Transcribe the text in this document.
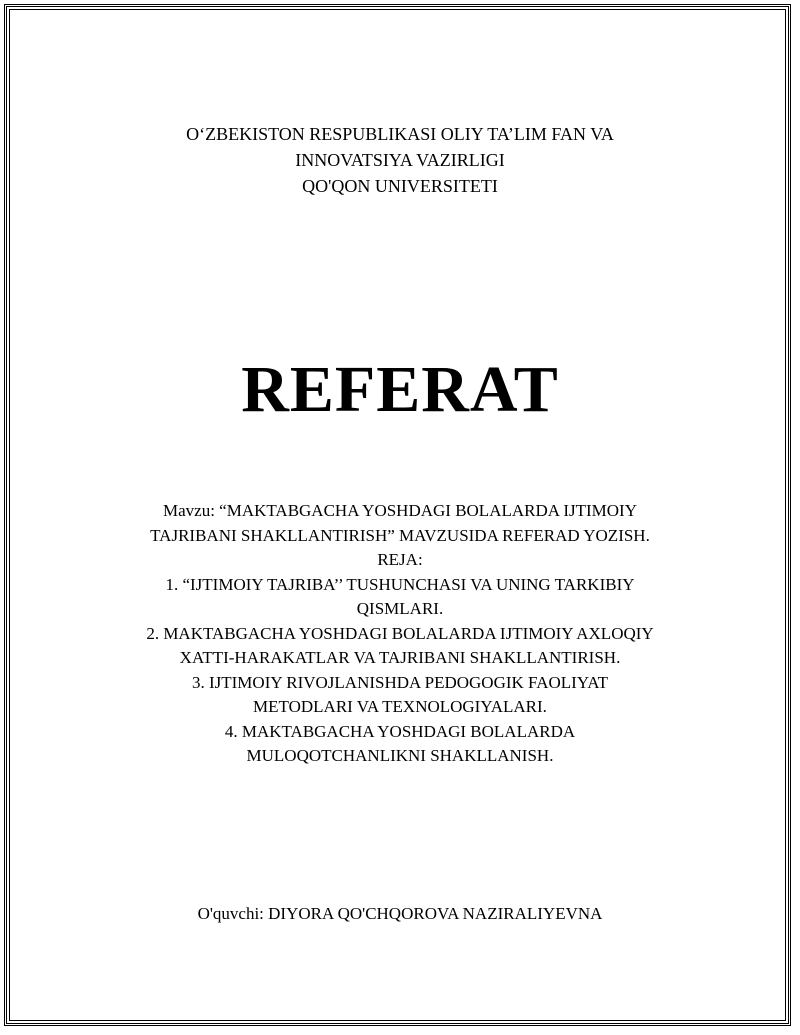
O‘ZBEKISTON RESPUBLIKASI OLIY TA’LIM FAN VA
INNOVATSIYA VAZIRLIGI
QO'QON UNIVERSITETI
REFERAT
Mavzu: “MAKTABGACHA YOSHDAGI BOLALARDA IJTIMOIY
TAJRIBANI SHAKLLANTIRISH” MAVZUSIDA REFERAD YOZISH.
REJA:
1. “IJTIMOIY TAJRIBA’’ TUSHUNCHASI VA UNING TARKIBIY
QISMLARI.
2. MAKTABGACHA YOSHDAGI BOLALARDA IJTIMOIY AXLOQIY
XATTI-HARAKATLAR VA TAJRIBANI SHAKLLANTIRISH.
3. IJTIMOIY RIVOJLANISHDA PEDOGOGIK FAOLIYAT
METODLARI VA TEXNOLOGIYALARI.
4. MAKTABGACHA YOSHDAGI BOLALARDA
MULOQOTCHANLIKNI SHAKLLANISH.
O'quvchi: DIYORA QO'CHQOROVA NAZIRALIYEVNA
